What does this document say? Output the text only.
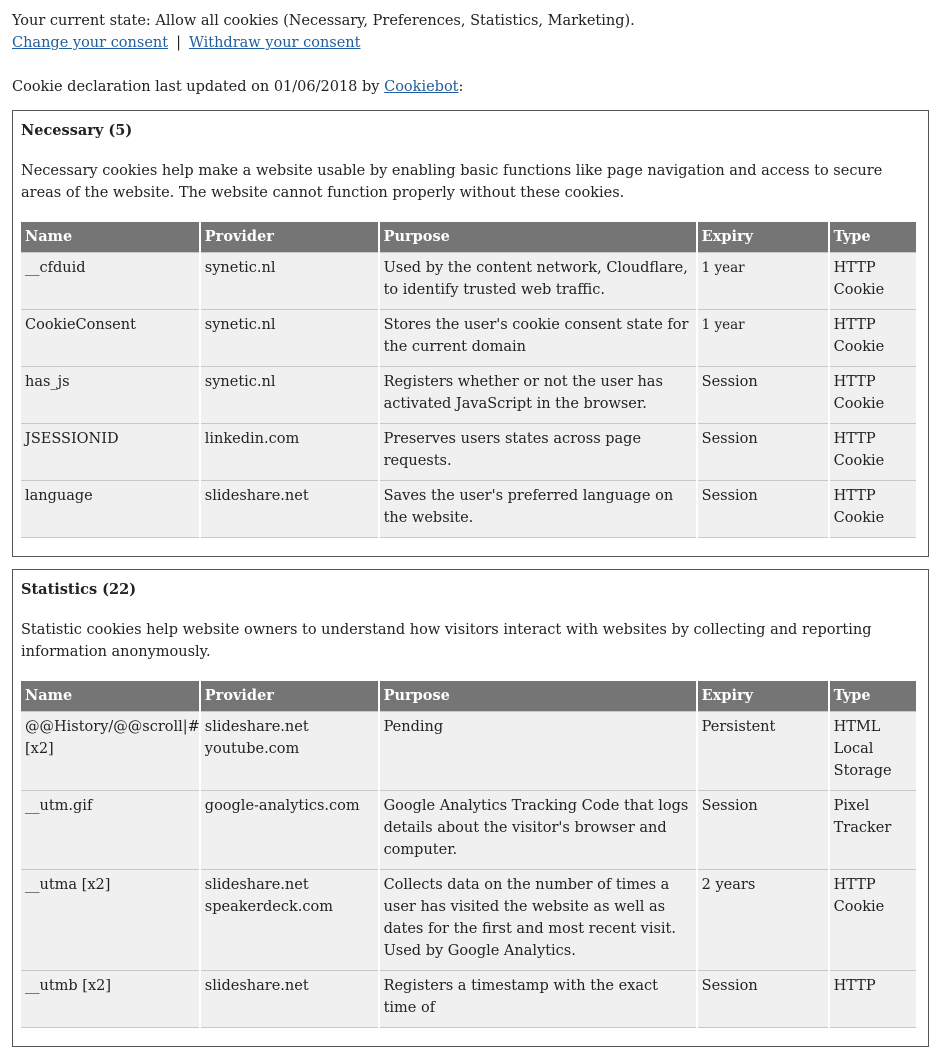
Your current state: Allow all cookies (Necessary, Preferences, Statistics, Marketing).
Change your consent | Withdraw your consent
Cookie declaration last updated on 01/06/2018 by Cookiebot:
Necessary (5)
Necessary cookies help make a website usable by enabling basic functions like page navigation and access to secure areas of the website. The website cannot function properly without these cookies.
Name	Provider	Purpose	Expiry	Type
__cfduid	synetic.nl	Used by the content network, Cloudflare, to identify trusted web traffic.	1 year	HTTP Cookie
CookieConsent	synetic.nl	Stores the user's cookie consent state for the current domain	1 year	HTTP Cookie
has_js	synetic.nl	Registers whether or not the user has activated JavaScript in the browser.	Session	HTTP Cookie
JSESSIONID	linkedin.com	Preserves users states across page requests.	Session	HTTP Cookie
language	slideshare.net	Saves the user's preferred language on the website.	Session	HTTP Cookie
Statistics (22)
Statistic cookies help website owners to understand how visitors interact with websites by collecting and reporting information anonymously.
Name	Provider	Purpose	Expiry	Type
@@History/@@scroll|# [x2]	slideshare.net youtube.com	Pending	Persistent	HTML Local Storage
__utm.gif	google-analytics.com	Google Analytics Tracking Code that logs details about the visitor's browser and computer.	Session	Pixel Tracker
__utma [x2]	slideshare.net speakerdeck.com	Collects data on the number of times a user has visited the website as well as dates for the first and most recent visit. Used by Google Analytics.	2 years	HTTP Cookie
__utmb [x2]	slideshare.net	Registers a timestamp with the exact time of	Session	HTTP
